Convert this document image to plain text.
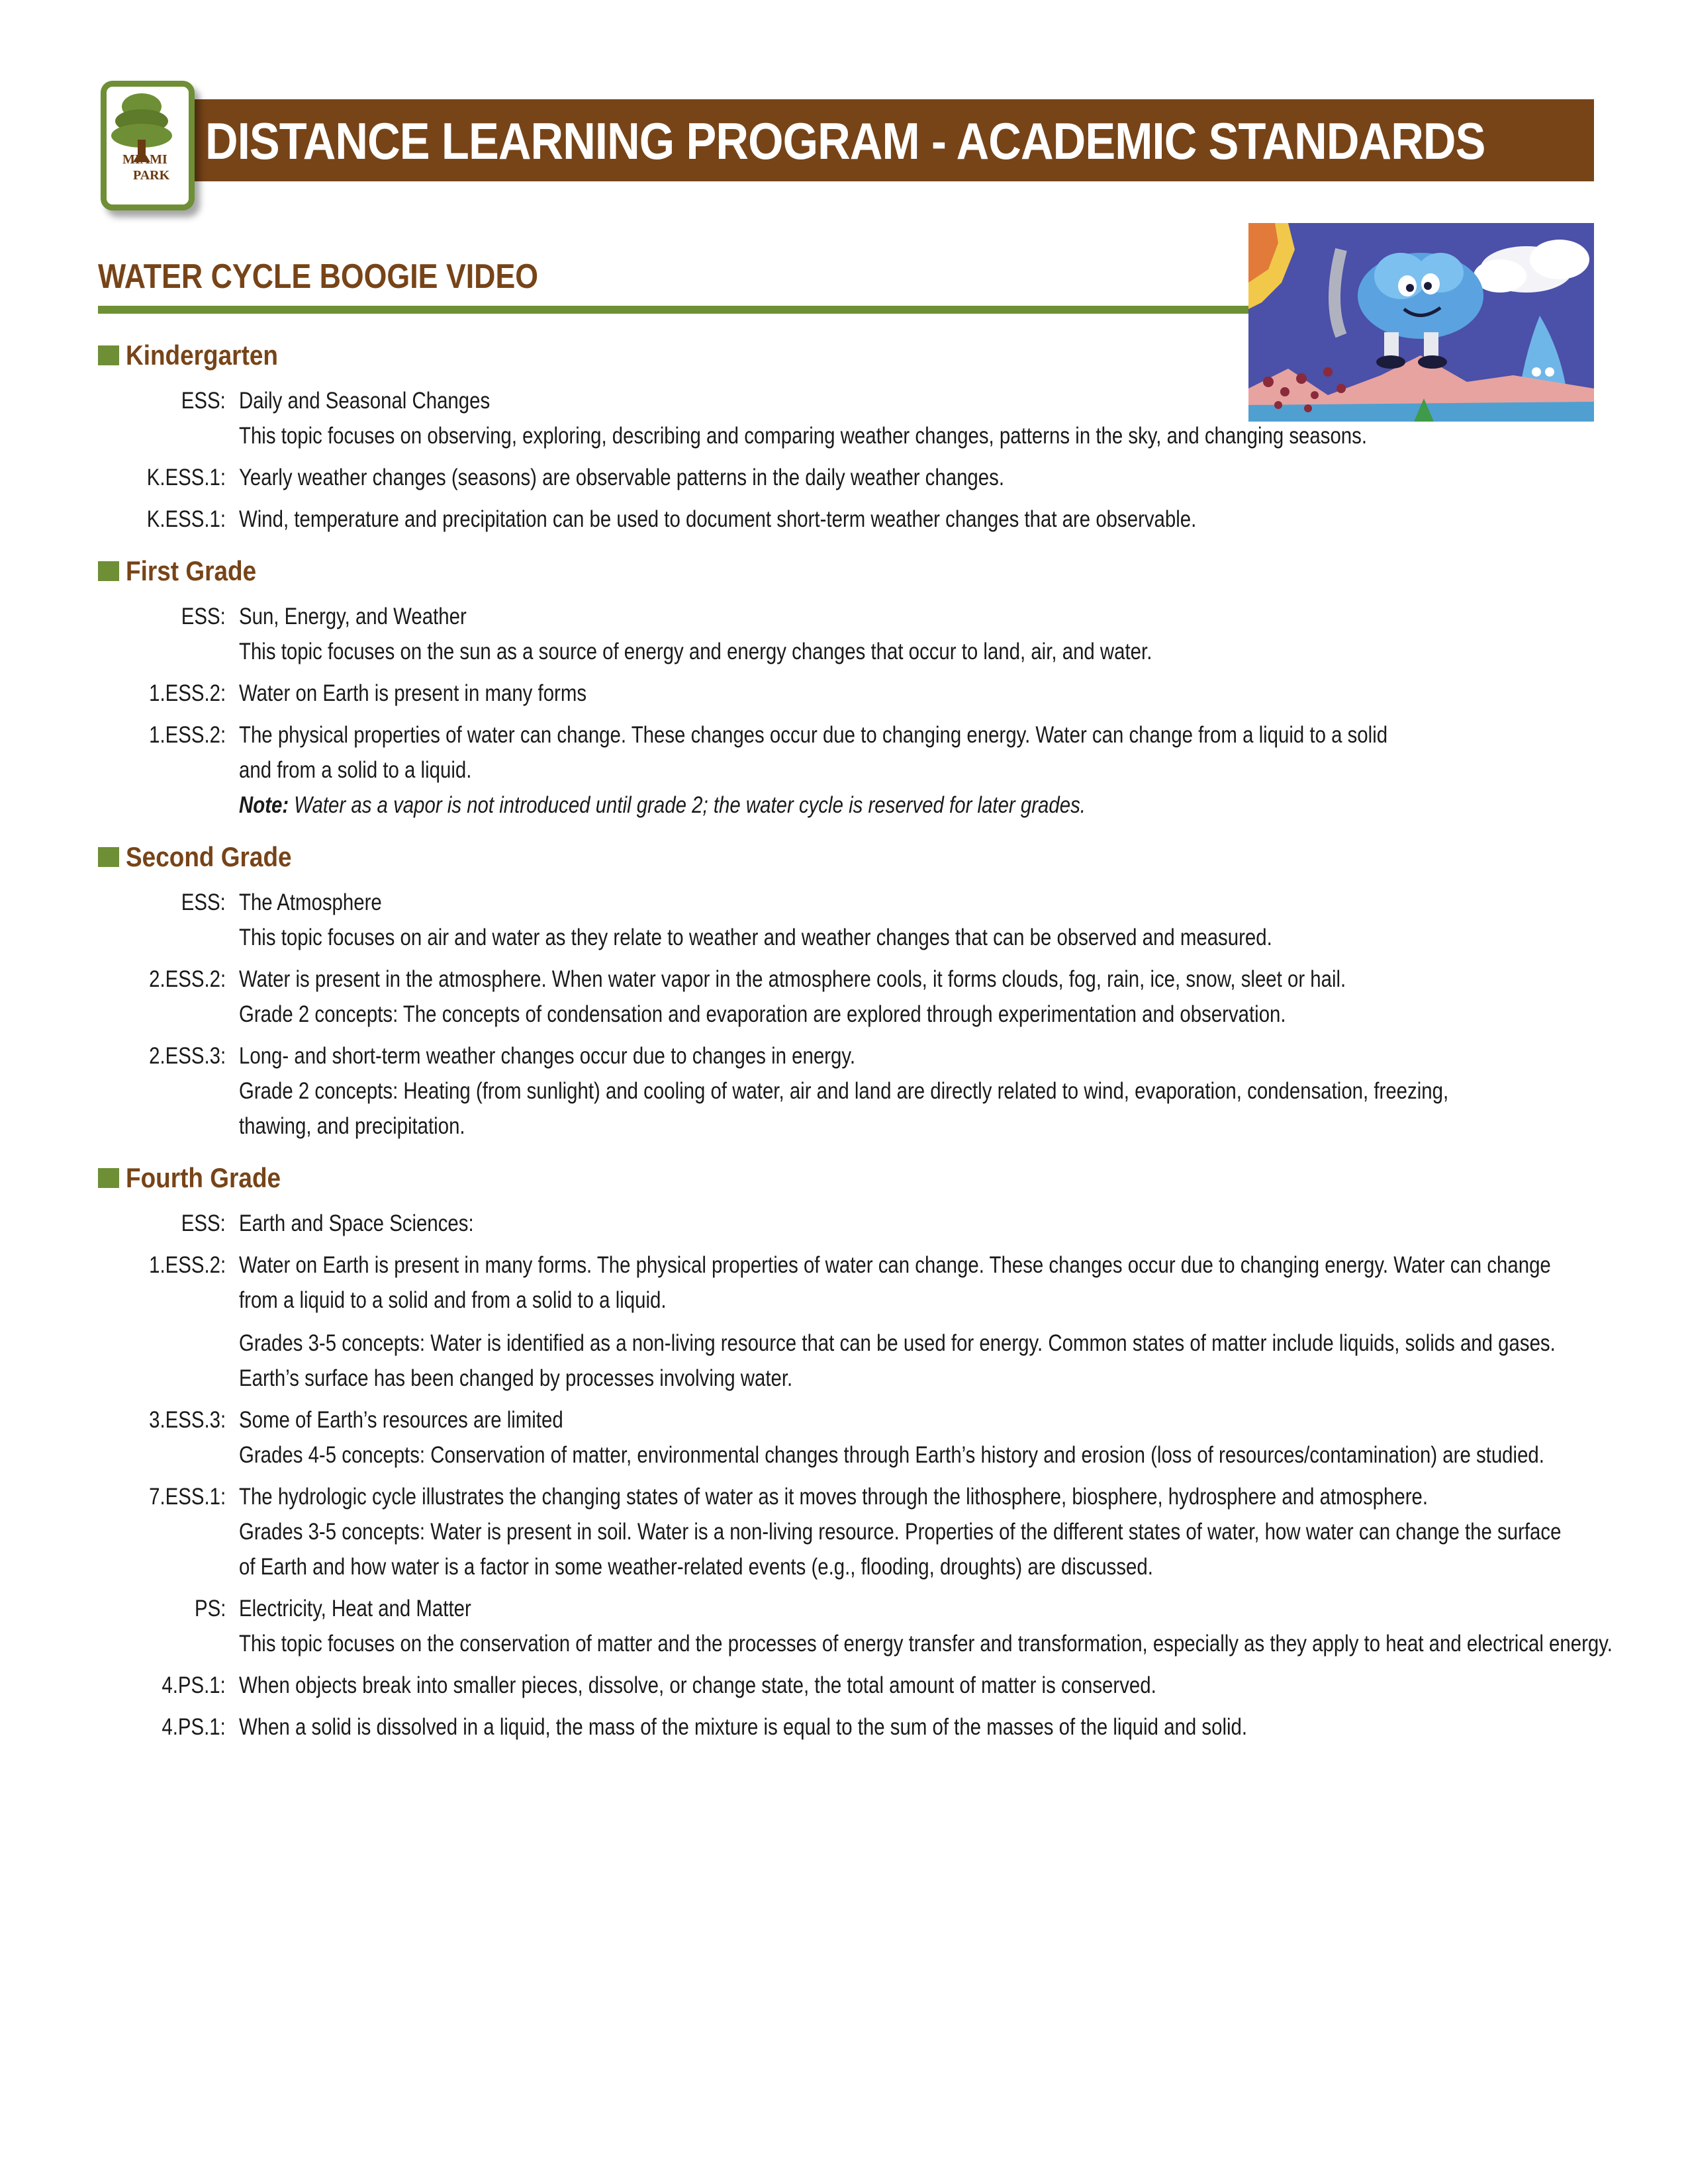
DISTANCE LEARNING PROGRAM - ACADEMIC STANDARDS
MIAMI
PARK
WATER CYCLE BOOGIE VIDEO
Kindergarten
ESS: Daily and Seasonal Changes
This topic focuses on observing, exploring, describing and comparing weather changes, patterns in the sky, and changing seasons.
K.ESS.1: Yearly weather changes (seasons) are observable patterns in the daily weather changes.
K.ESS.1: Wind, temperature and precipitation can be used to document short-term weather changes that are observable.
First Grade
ESS: Sun, Energy, and Weather
This topic focuses on the sun as a source of energy and energy changes that occur to land, air, and water.
1.ESS.2: Water on Earth is present in many forms
1.ESS.2: The physical properties of water can change. These changes occur due to changing energy. Water can change from a liquid to a solid
and from a solid to a liquid.
Note: Water as a vapor is not introduced until grade 2; the water cycle is reserved for later grades.
Second Grade
ESS: The Atmosphere
This topic focuses on air and water as they relate to weather and weather changes that can be observed and measured.
2.ESS.2: Water is present in the atmosphere. When water vapor in the atmosphere cools, it forms clouds, fog, rain, ice, snow, sleet or hail.
Grade 2 concepts: The concepts of condensation and evaporation are explored through experimentation and observation.
2.ESS.3: Long- and short-term weather changes occur due to changes in energy.
Grade 2 concepts: Heating (from sunlight) and cooling of water, air and land are directly related to wind, evaporation, condensation, freezing,
thawing, and precipitation.
Fourth Grade
ESS: Earth and Space Sciences:
1.ESS.2: Water on Earth is present in many forms. The physical properties of water can change. These changes occur due to changing energy. Water can change
from a liquid to a solid and from a solid to a liquid.
Grades 3-5 concepts: Water is identified as a non-living resource that can be used for energy. Common states of matter include liquids, solids and gases.
Earth’s surface has been changed by processes involving water.
3.ESS.3: Some of Earth’s resources are limited
Grades 4-5 concepts: Conservation of matter, environmental changes through Earth’s history and erosion (loss of resources/contamination) are studied.
7.ESS.1: The hydrologic cycle illustrates the changing states of water as it moves through the lithosphere, biosphere, hydrosphere and atmosphere.
Grades 3-5 concepts: Water is present in soil. Water is a non-living resource. Properties of the different states of water, how water can change the surface
of Earth and how water is a factor in some weather-related events (e.g., flooding, droughts) are discussed.
PS: Electricity, Heat and Matter
This topic focuses on the conservation of matter and the processes of energy transfer and transformation, especially as they apply to heat and electrical energy.
4.PS.1: When objects break into smaller pieces, dissolve, or change state, the total amount of matter is conserved.
4.PS.1: When a solid is dissolved in a liquid, the mass of the mixture is equal to the sum of the masses of the liquid and solid.
